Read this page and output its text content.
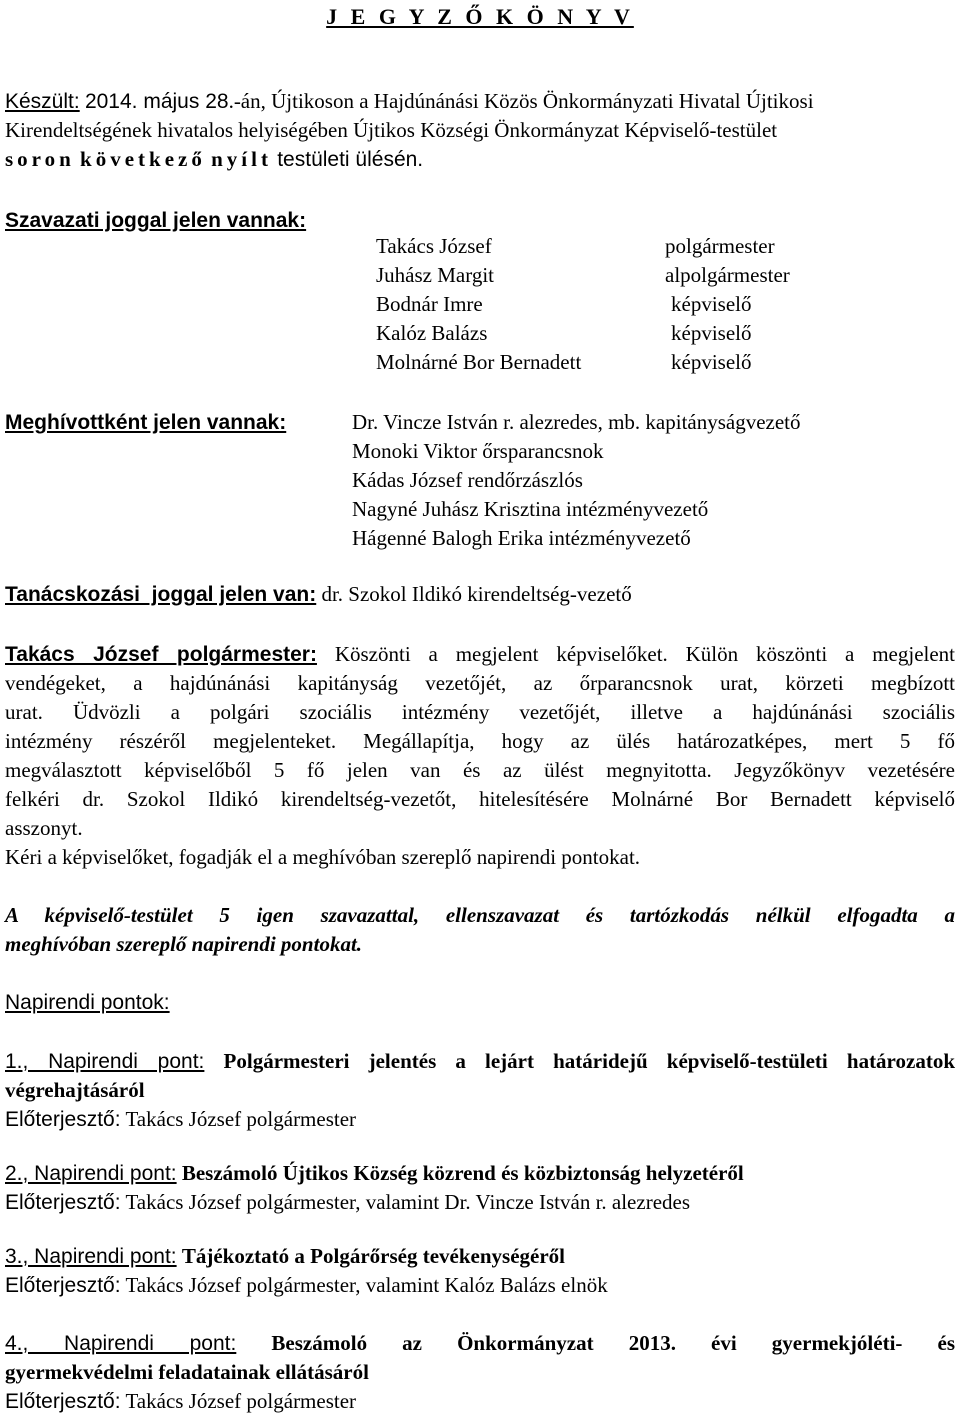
J E G Y Z Ő K Ö N Y V
Készült: 2014. május 28.-án, Újtikoson a Hajdúnánási Közös Önkormányzati Hivatal Újtikosi
Kirendeltségének hivatalos helyiségében Újtikos Községi Önkormányzat Képviselő-testület
soron következő nyílt testületi ülésén.
Szavazati joggal jelen vannak:
Takács József	polgármester
Juhász Margit	alpolgármester
Bodnár Imre	képviselő
Kalóz Balázs	képviselő
Molnárné Bor Bernadett	képviselő
Meghívottként jelen vannak:	Dr. Vincze István r. alezredes, mb. kapitányságvezető
Monoki Viktor őrsparancsnok
Kádas József rendőrzászlós
Nagyné Juhász Krisztina intézményvezető
Hágenné Balogh Erika intézményvezető
Tanácskozási  joggal jelen van: dr. Szokol Ildikó kirendeltség-vezető
Takács József polgármester: Köszönti a megjelent képviselőket. Külön köszönti a megjelent
vendégeket, a hajdúnánási kapitányság vezetőjét, az őrparancsnok urat, körzeti megbízott
urat. Üdvözli a polgári szociális intézmény vezetőjét, illetve a hajdúnánási szociális
intézmény részéről megjelenteket. Megállapítja, hogy az ülés határozatképes, mert 5 fő
megválasztott képviselőből 5 fő jelen van és az ülést megnyitotta. Jegyzőkönyv vezetésére
felkéri dr. Szokol Ildikó kirendeltség-vezetőt, hitelesítésére Molnárné Bor Bernadett képviselő
asszonyt.
Kéri a képviselőket, fogadják el a meghívóban szereplő napirendi pontokat.
A képviselő-testület 5 igen szavazattal, ellenszavazat és tartózkodás nélkül elfogadta a
meghívóban szereplő napirendi pontokat.
Napirendi pontok:
1., Napirendi pont: Polgármesteri jelentés a lejárt határidejű képviselő-testületi határozatok
végrehajtásáról
Előterjesztő: Takács József polgármester
2., Napirendi pont: Beszámoló Újtikos Község közrend és közbiztonság helyzetéről
Előterjesztő: Takács József polgármester, valamint Dr. Vincze István r. alezredes
3., Napirendi pont: Tájékoztató a Polgárőrség tevékenységéről
Előterjesztő: Takács József polgármester, valamint Kalóz Balázs elnök
4., Napirendi pont: Beszámoló az Önkormányzat 2013. évi gyermekjóléti- és
gyermekvédelmi feladatainak ellátásáról
Előterjesztő: Takács József polgármester
